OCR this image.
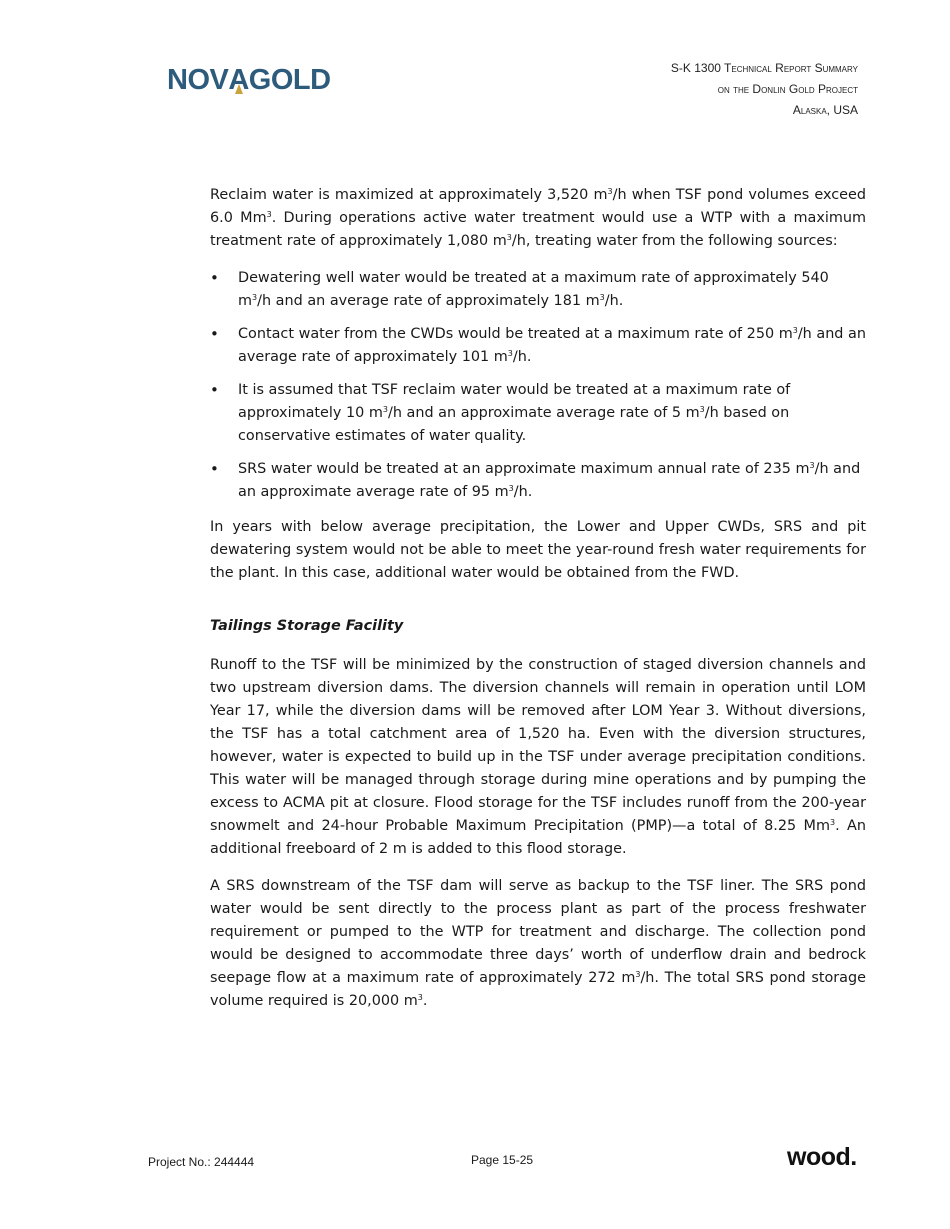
NOVAGOLD	S-K 1300 Technical Report Summary
on the Donlin Gold Project
Alaska, USA

Reclaim water is maximized at approximately 3,520 $m^3/h$ when TSF pond volumes exceed 6.0 Mm$^3$. During operations active water treatment would use a WTP with a maximum treatment rate of approximately 1,080 $m^3/h$, treating water from the following sources:

• Dewatering well water would be treated at a maximum rate of approximately 540 $m^3/h$ and an average rate of approximately 181 $m^3/h$.
• Contact water from the CWDs would be treated at a maximum rate of 250 $m^3/h$ and an average rate of approximately 101 $m^3/h$.
• It is assumed that TSF reclaim water would be treated at a maximum rate of approximately 10 $m^3/h$ and an approximate average rate of 5 $m^3/h$ based on conservative estimates of water quality.
• SRS water would be treated at an approximate maximum annual rate of 235 $m^3/h$ and an approximate average rate of 95 $m^3/h$.

In years with below average precipitation, the Lower and Upper CWDs, SRS and pit dewatering system would not be able to meet the year-round fresh water requirements for the plant. In this case, additional water would be obtained from the FWD.

Tailings Storage Facility

Runoff to the TSF will be minimized by the construction of staged diversion channels and two upstream diversion dams. The diversion channels will remain in operation until LOM Year 17, while the diversion dams will be removed after LOM Year 3. Without diversions, the TSF has a total catchment area of 1,520 ha. Even with the diversion structures, however, water is expected to build up in the TSF under average precipitation conditions. This water will be managed through storage during mine operations and by pumping the excess to ACMA pit at closure. Flood storage for the TSF includes runoff from the 200-year snowmelt and 24-hour Probable Maximum Precipitation (PMP)—a total of 8.25 Mm$^3$. An additional freeboard of 2 m is added to this flood storage.

A SRS downstream of the TSF dam will serve as backup to the TSF liner. The SRS pond water would be sent directly to the process plant as part of the process freshwater requirement or pumped to the WTP for treatment and discharge. The collection pond would be designed to accommodate three days’ worth of underflow drain and bedrock seepage flow at a maximum rate of approximately 272 $m^3/h$. The total SRS pond storage volume required is 20,000 $m^3$.

Project No.: 244444	Page 15-25	wood.
